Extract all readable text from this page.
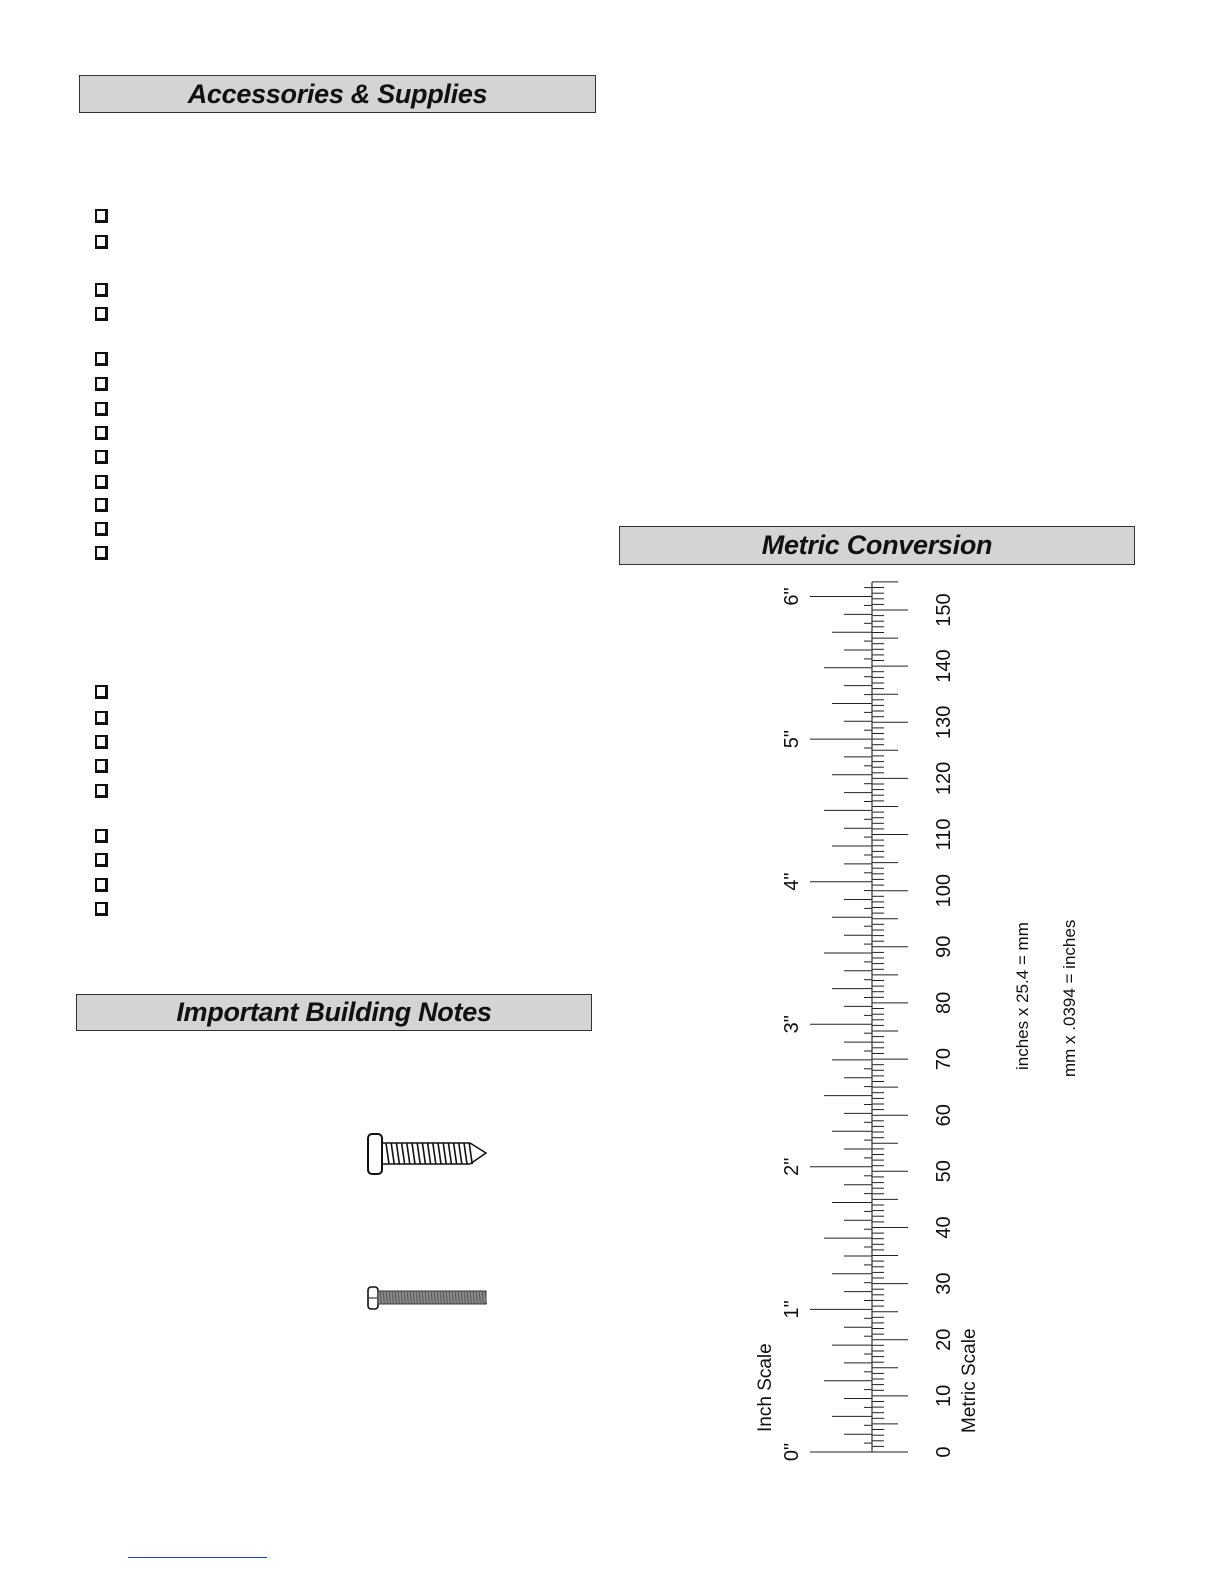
Accessories & Supplies
Important Building Notes
Metric Conversion
0"
1"
2"
3"
4"
5"
6"
0
10
20
30
40
50
60
70
80
90
100
110
120
130
140
150
Inch Scale	Metric Scale
inches x 25.4 = mm mm x .0394 = inches
